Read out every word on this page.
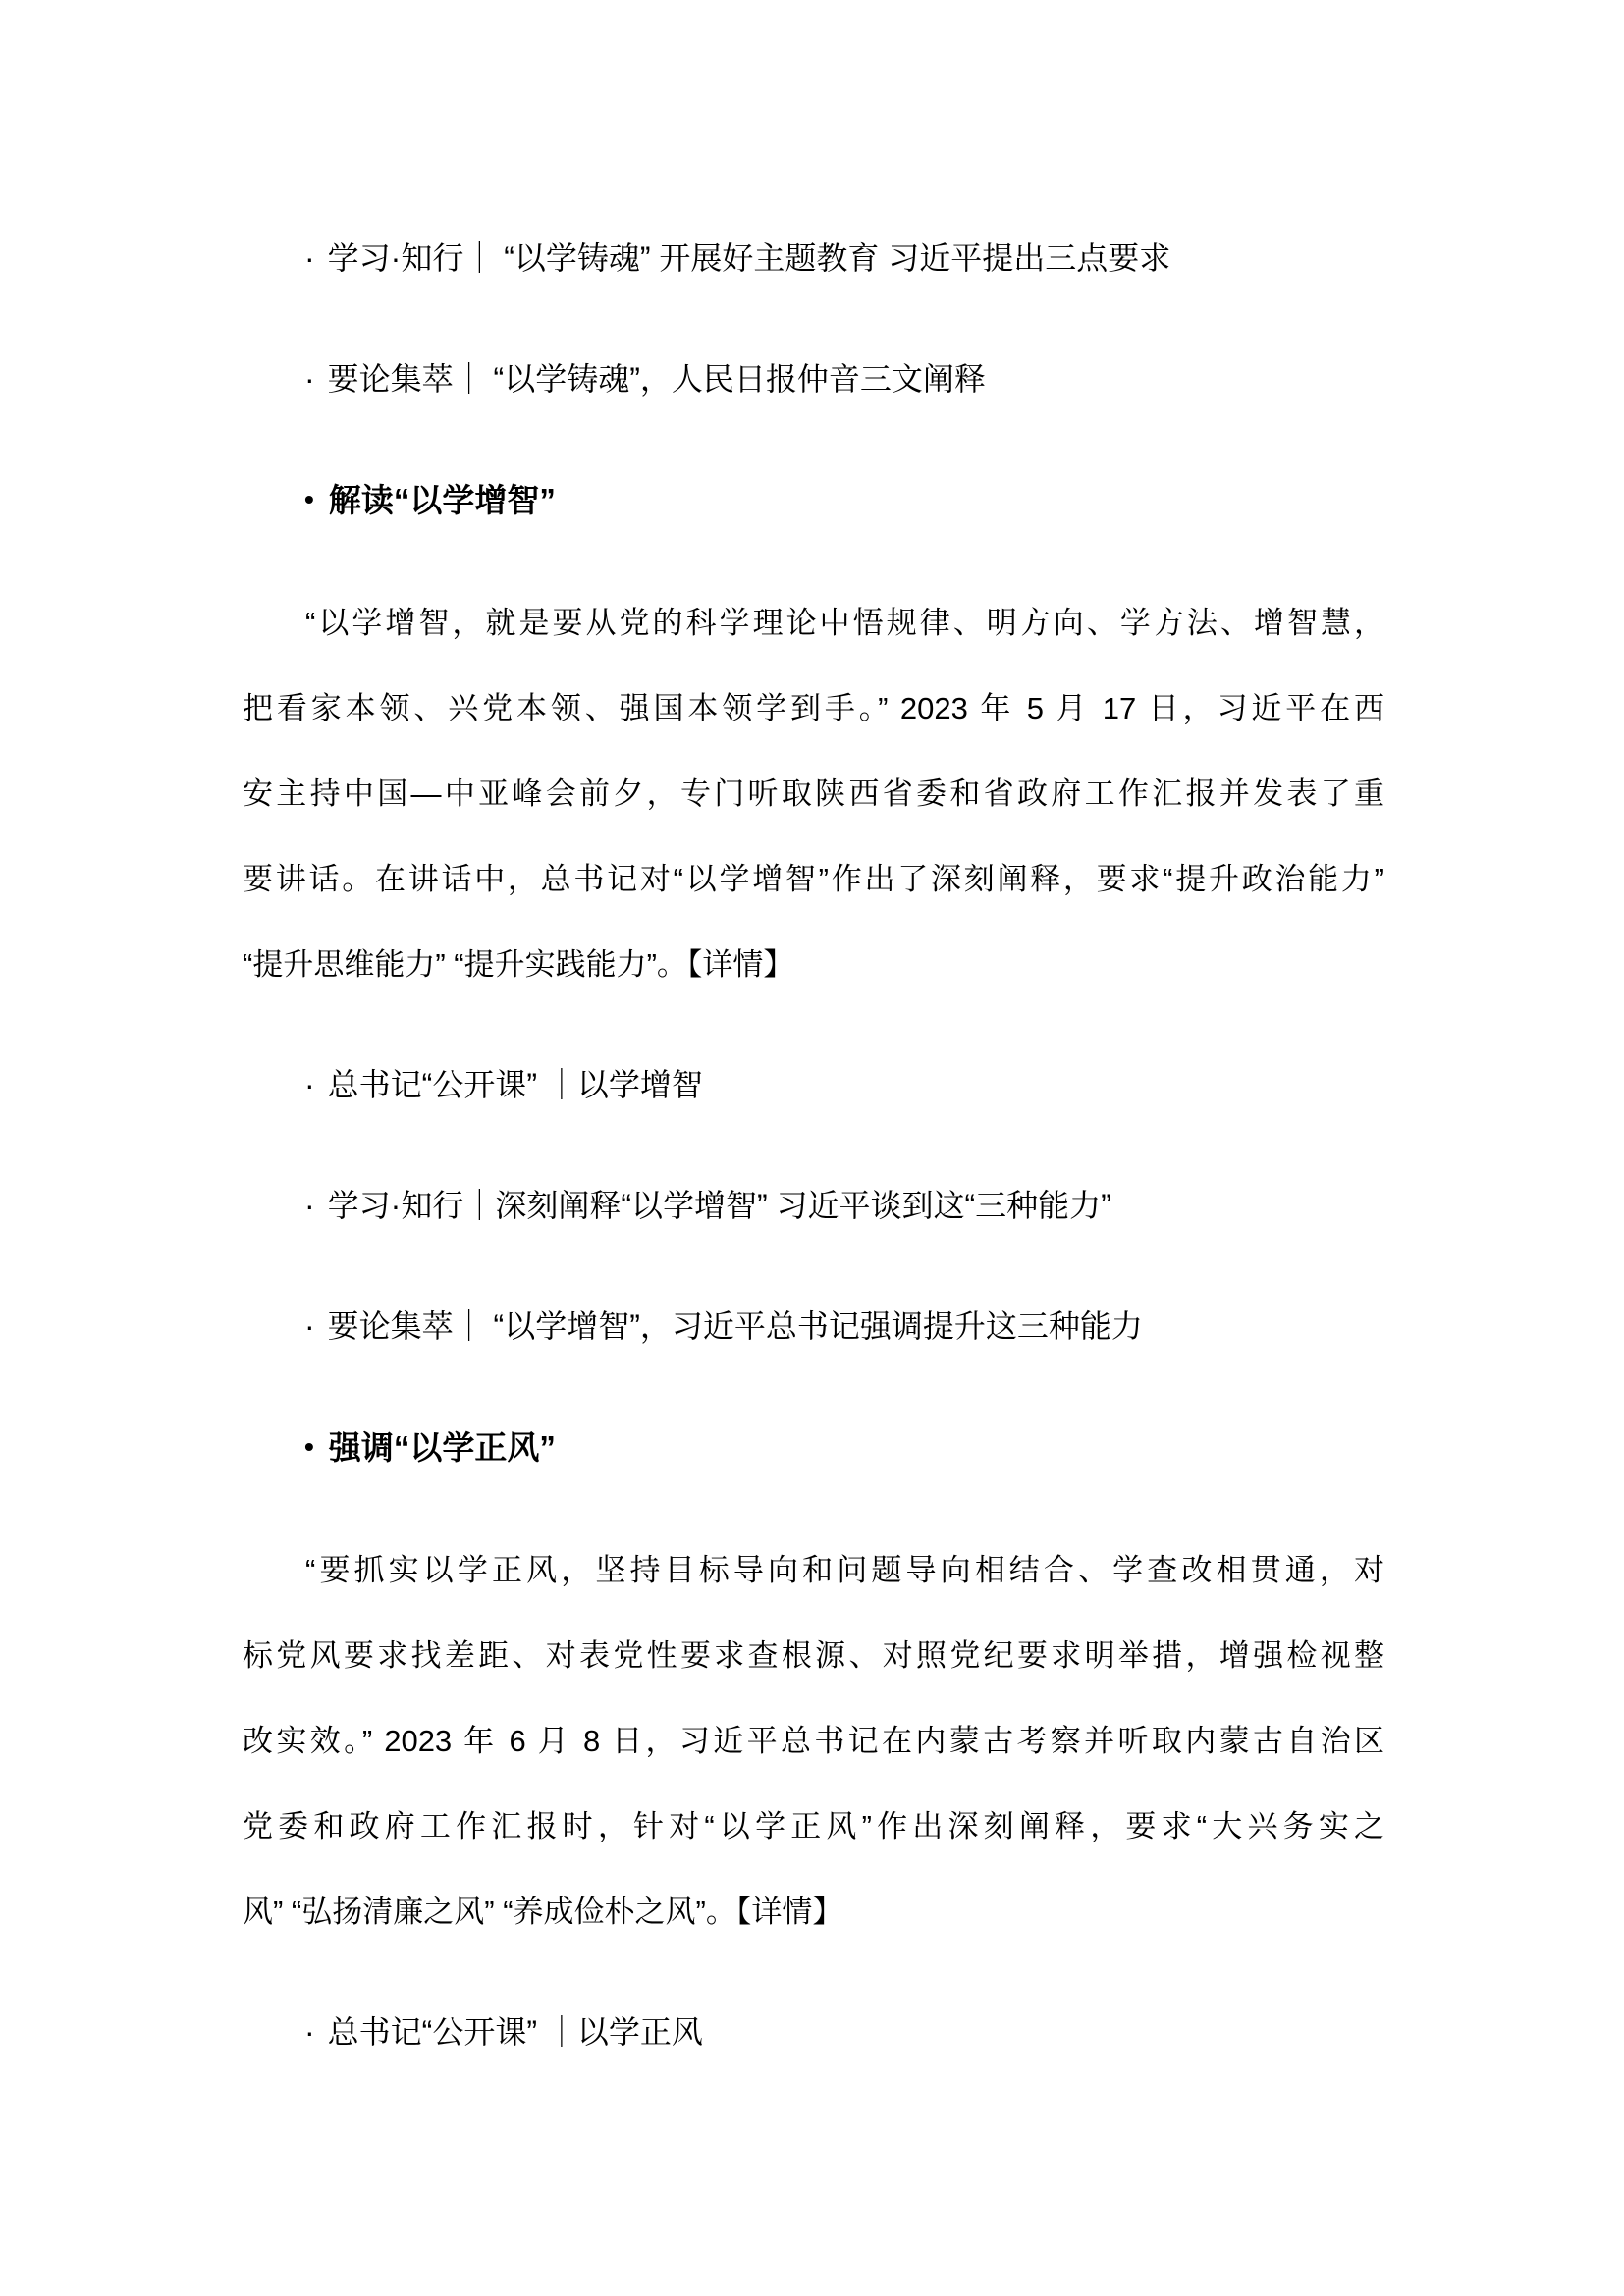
· 学习·知行｜ “以学铸魂” 开展好主题教育 习近平提出三点要求
· 要论集萃｜ “以学铸魂”，人民日报仲音三文阐释
• 解读“以学增智”
“以学增智，就是要从党的科学理论中悟规律、明方向、学方法、增智慧，
把看家本领、兴党本领、强国本领学到手。” 2023 年 5 月 17 日，习近平在西
安主持中国—中亚峰会前夕，专门听取陕西省委和省政府工作汇报并发表了重
要讲话。在讲话中，总书记对“以学增智”作出了深刻阐释，要求“提升政治能力”
“提升思维能力” “提升实践能力”。【详情】
· 总书记“公开课” ｜以学增智
· 学习·知行｜深刻阐释“以学增智” 习近平谈到这“三种能力”
· 要论集萃｜ “以学增智”，习近平总书记强调提升这三种能力
• 强调“以学正风”
“要抓实以学正风，坚持目标导向和问题导向相结合、学查改相贯通，对
标党风要求找差距、对表党性要求查根源、对照党纪要求明举措，增强检视整
改实效。” 2023 年 6 月 8 日，习近平总书记在内蒙古考察并听取内蒙古自治区
党委和政府工作汇报时，针对“以学正风”作出深刻阐释，要求“大兴务实之
风” “弘扬清廉之风” “养成俭朴之风”。【详情】
· 总书记“公开课” ｜以学正风
